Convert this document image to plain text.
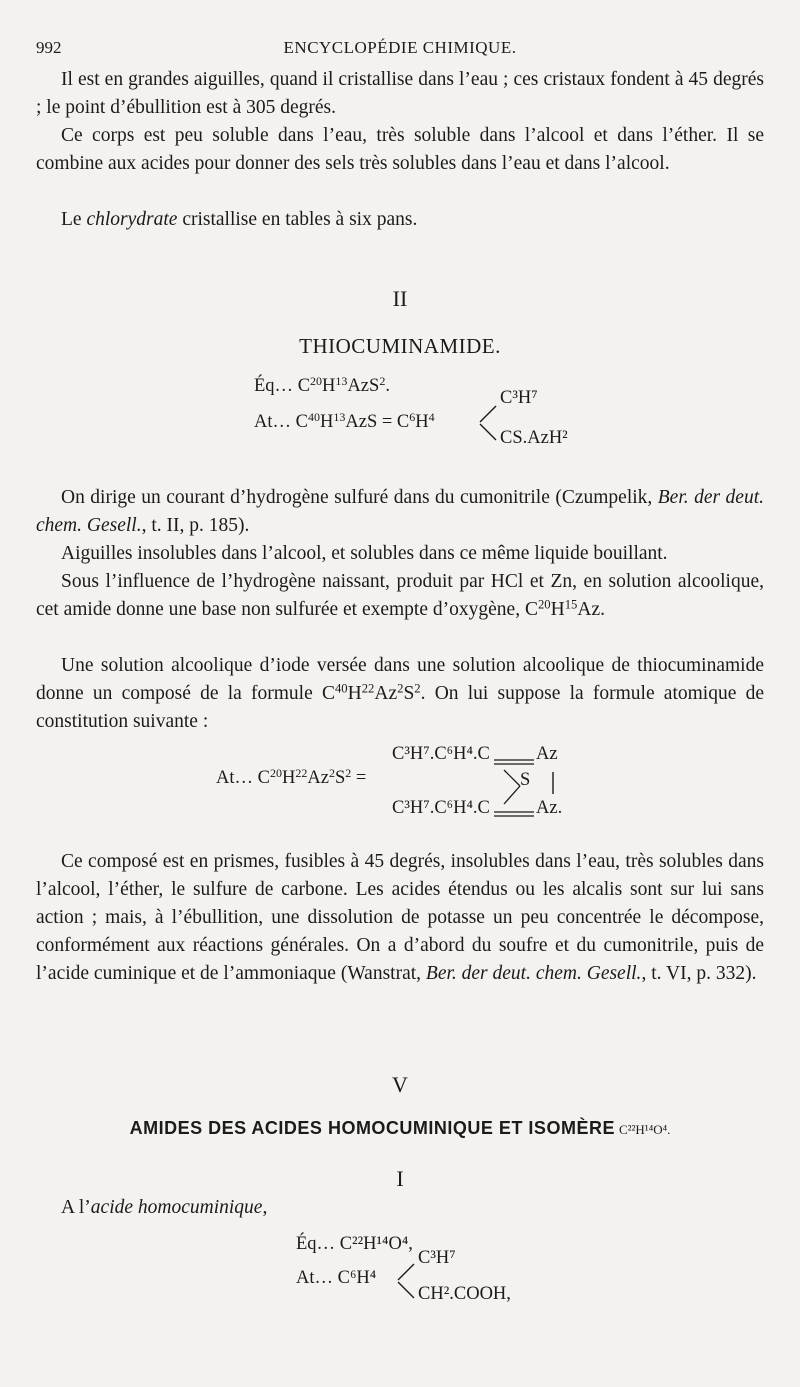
992	ENCYCLOPÉDIE CHIMIQUE.
Il est en grandes aiguilles, quand il cristallise dans l’eau ; ces cristaux fondent à 45 degrés ; le point d’ébullition est à 305 degrés.
Ce corps est peu soluble dans l’eau, très soluble dans l’alcool et dans l’éther. Il se combine aux acides pour donner des sels très solubles dans l’eau et dans l’alcool.
Le chlorydrate cristallise en tables à six pans.
II
THIOCUMINAMIDE.
Éq… $C^{20}H^{13}AzS^2$.
At… $C^{40}H^{13}AzS = C^6H^4$
C³H⁷
CS.AzH²
On dirige un courant d’hydrogène sulfuré dans du cumonitrile (Czumpelik, Ber. der deut. chem. Gesell., t. II, p. 185).
Aiguilles insolubles dans l’alcool, et solubles dans ce même liquide bouillant.
Sous l’influence de l’hydrogène naissant, produit par HCl et Zn, en solution alcoolique, cet amide donne une base non sulfurée et exempte d’oxygène, $C^{20}H^{15}Az$.
Une solution alcoolique d’iode versée dans une solution alcoolique de thiocuminamide donne un composé de la formule $C^{40}H^{22}Az^2S^2$. On lui suppose la formule atomique de constitution suivante :
At… $C^{20}H^{22}Az^2S^2$ =
C³H⁷.C⁶H⁴.C
C³H⁷.C⁶H⁴.C
Az
S
Az.
Ce composé est en prismes, fusibles à 45 degrés, insolubles dans l’eau, très solubles dans l’alcool, l’éther, le sulfure de carbone. Les acides étendus ou les alcalis sont sur lui sans action ; mais, à l’ébullition, une dissolution de potasse un peu concentrée le décompose, conformément aux réactions générales. On a d’abord du soufre et du cumonitrile, puis de l’acide cuminique et de l’ammoniaque (Wanstrat, Ber. der deut. chem. Gesell., t. VI, p. 332).
V
AMIDES DES ACIDES HOMOCUMINIQUE ET ISOMÈRE C²²H¹⁴O⁴.
I
A l’acide homocuminique,
Éq… C²²H¹⁴O⁴,
At… C⁶H⁴
C³H⁷
CH².COOH,
